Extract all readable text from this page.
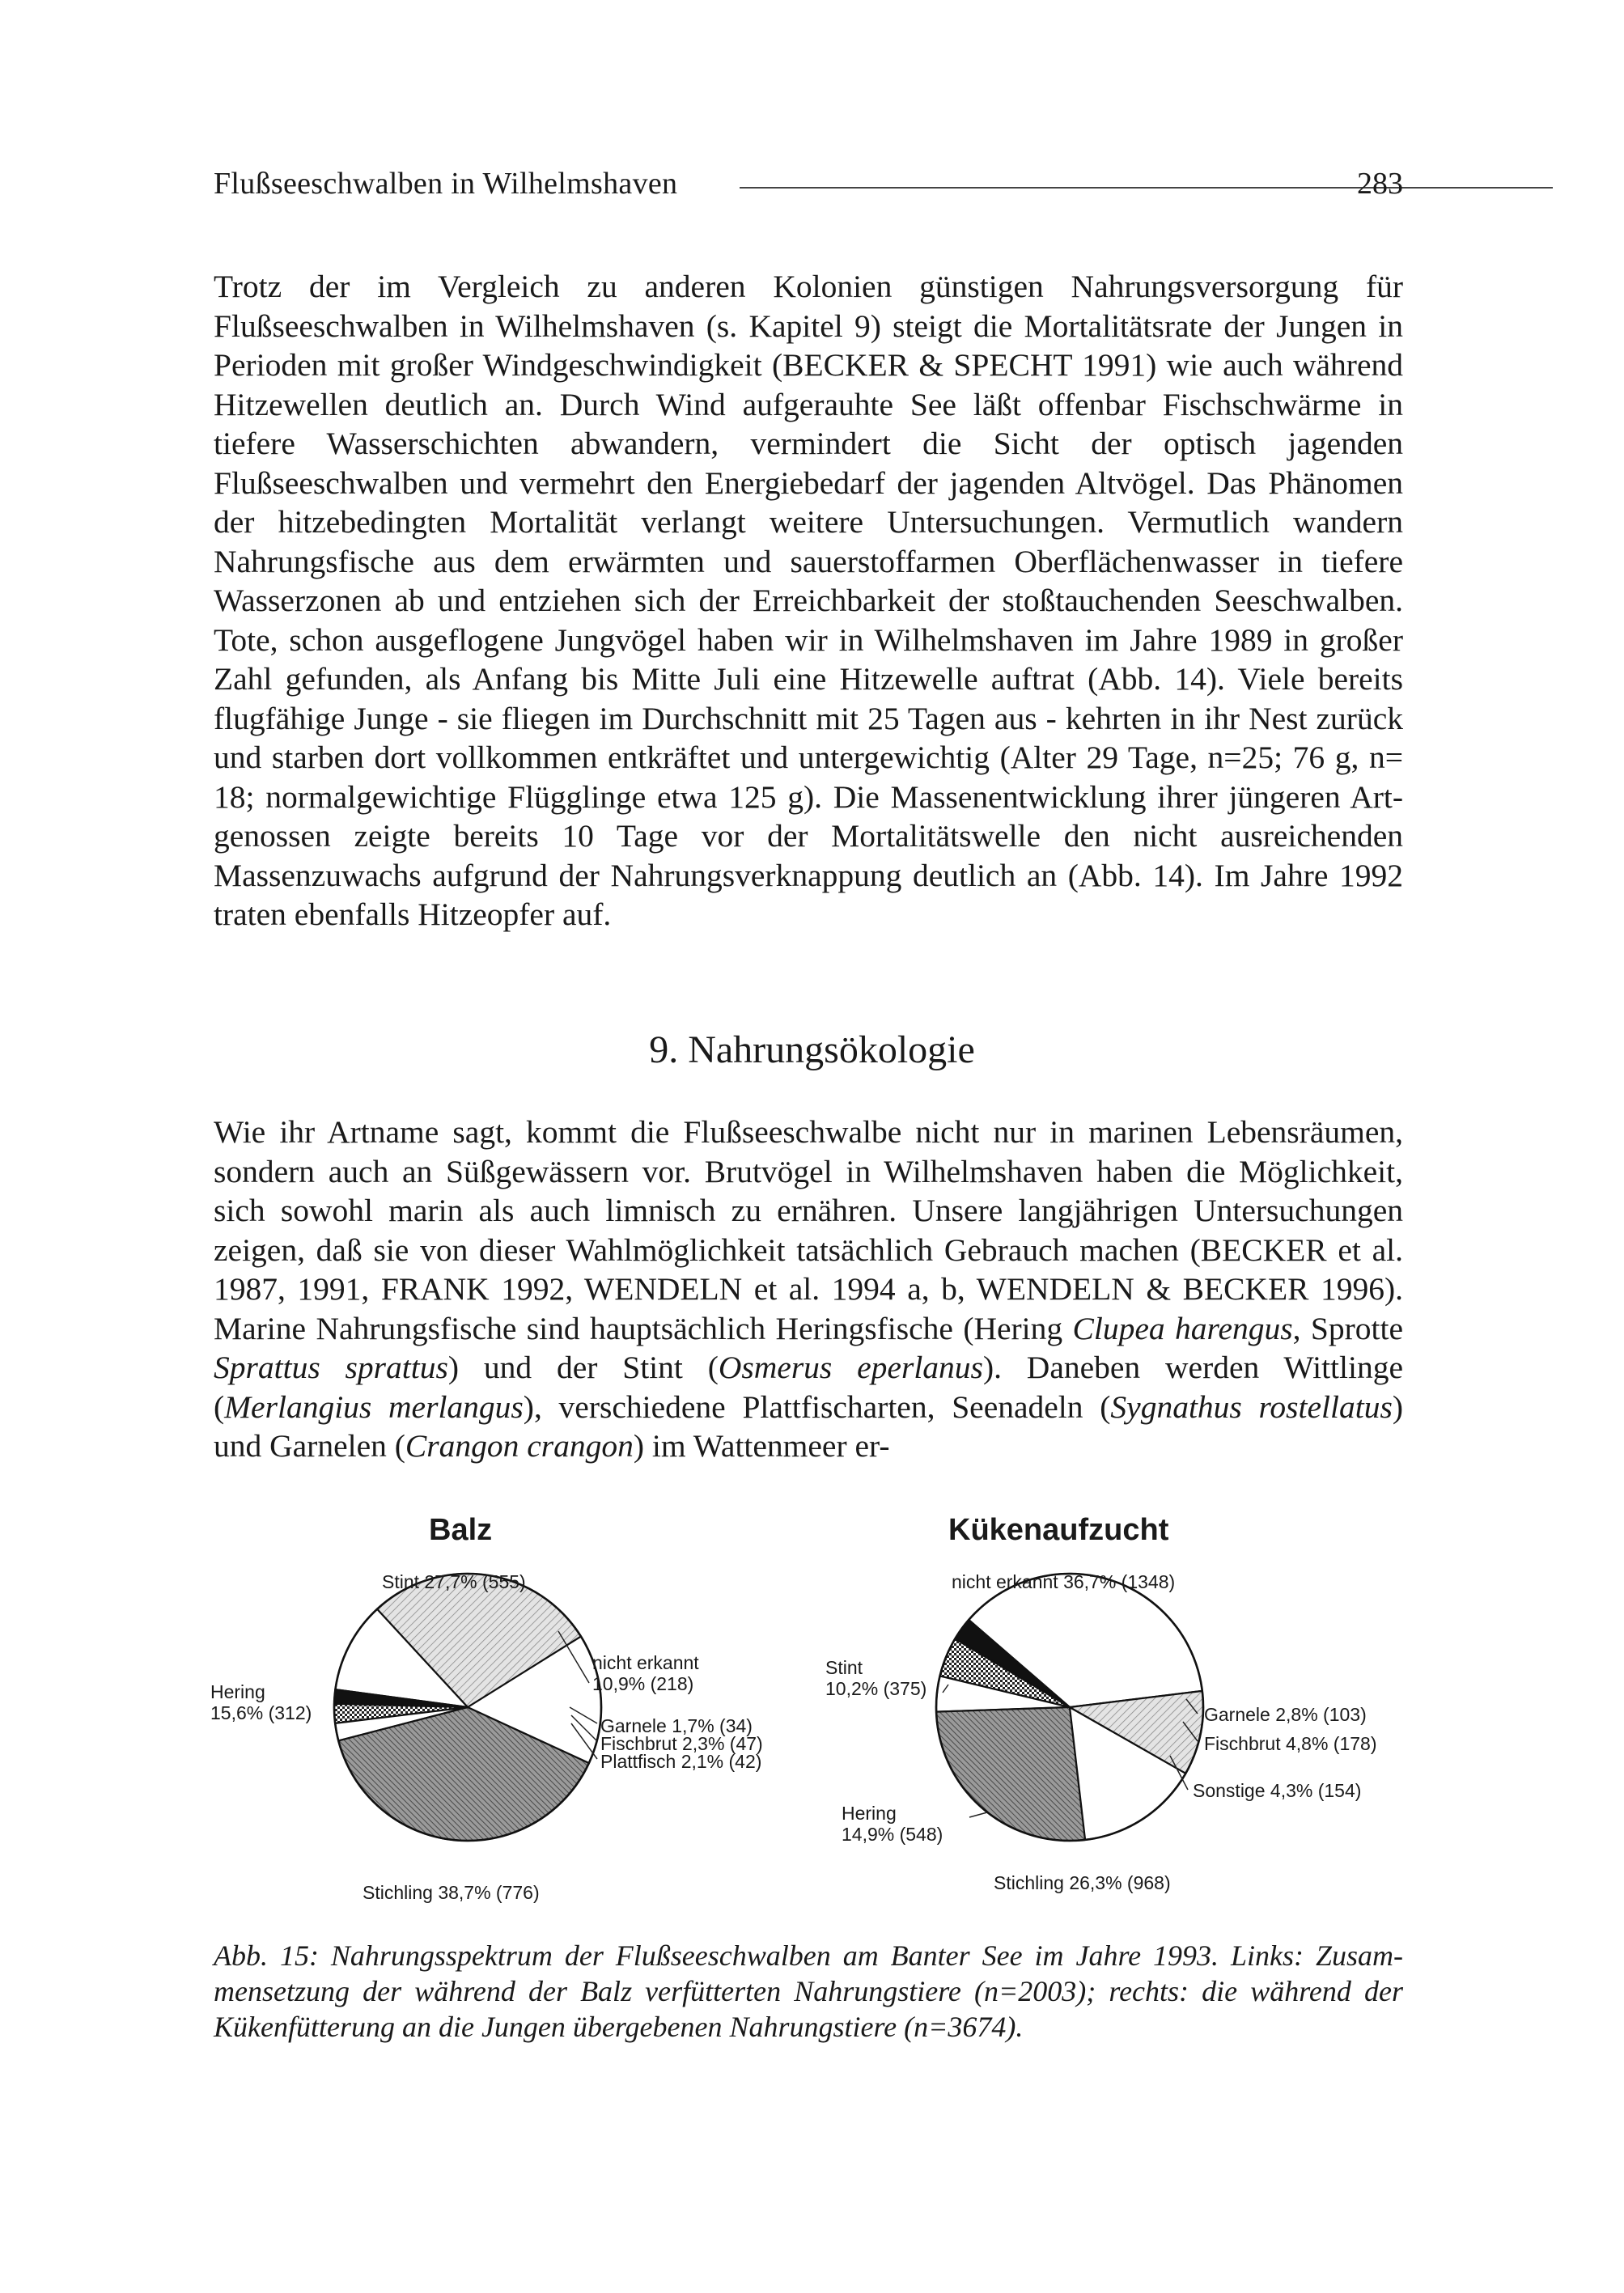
Flußseeschwalben in Wilhelmshaven	283

Trotz der im Vergleich zu anderen Kolonien günstigen Nahrungsversorgung für Flußseeschwalben in Wilhelmshaven (s. Kapitel 9) steigt die Mortalitätsrate der Jungen in Perioden mit großer Windgeschwindigkeit (BECKER & SPECHT 1991) wie auch während Hitzewellen deutlich an. Durch Wind aufgerauhte See läßt offenbar Fischschwärme in tiefere Wasserschichten abwandern, vermindert die Sicht der optisch jagenden Flußseeschwalben und vermehrt den Energiebedarf der jagenden Altvögel. Das Phänomen der hitzebedingten Mortalität verlangt weitere Untersuchungen. Vermutlich wandern Nahrungsfische aus dem erwärmten und sauerstoffarmen Oberflächenwasser in tiefere Wasserzonen ab und entziehen sich der Erreichbarkeit der stoßtauchenden Seeschwalben. Tote, schon ausgeflogene Jungvögel haben wir in Wilhelmshaven im Jahre 1989 in großer Zahl gefunden, als Anfang bis Mitte Juli eine Hitzewelle auftrat (Abb. 14). Viele bereits flugfähige Junge - sie fliegen im Durchschnitt mit 25 Tagen aus - kehrten in ihr Nest zurück und starben dort vollkommen entkräftet und untergewichtig (Alter 29 Tage, n=25; 76 g, n= 18; normalgewichtige Flügglinge etwa 125 g). Die Massenentwicklung ihrer jüngeren Artgenossen zeigte bereits 10 Tage vor der Mortalitätswelle den nicht ausreichenden Massenzuwachs aufgrund der Nahrungsverknappung deutlich an (Abb. 14). Im Jahre 1992 traten ebenfalls Hitzeopfer auf.

9. Nahrungsökologie

Wie ihr Artname sagt, kommt die Flußseeschwalbe nicht nur in marinen Lebensräumen, sondern auch an Süßgewässern vor. Brutvögel in Wilhelmshaven haben die Möglichkeit, sich sowohl marin als auch limnisch zu ernähren. Unsere langjährigen Untersuchungen zeigen, daß sie von dieser Wahlmöglichkeit tatsächlich Gebrauch machen (BECKER et al. 1987, 1991, FRANK 1992, WENDELN et al. 1994 a, b, WENDELN & BECKER 1996). Marine Nahrungsfische sind hauptsächlich Heringsfische (Hering Clupea harengus, Sprotte Sprattus sprattus) und der Stint (Osmerus eperlanus). Daneben werden Wittlinge (Merlangius merlangus), verschiedene Plattfischarten, Seenadeln (Sygnathus rostellatus) und Garnelen (Crangon crangon) im Wattenmeer er-

Balz
Stint 27,7% (555)
nicht erkannt
10,9% (218)
Garnele 1,7% (34)
Fischbrut 2,3% (47)
Plattfisch 2,1% (42)
Hering
15,6% (312)
Stichling 38,7% (776)
Kükenaufzucht
nicht erkannt 36,7% (1348)
Stint
10,2% (375)
Garnele 2,8% (103)
Fischbrut 4,8% (178)
Sonstige 4,3% (154)
Hering
14,9% (548)
Stichling 26,3% (968)

Abb. 15: Nahrungsspektrum der Flußseeschwalben am Banter See im Jahre 1993. Links: Zusammensetzung der während der Balz verfütterten Nahrungstiere (n=2003); rechts: die während der Kükenfütterung an die Jungen übergebenen Nahrungstiere (n=3674).
